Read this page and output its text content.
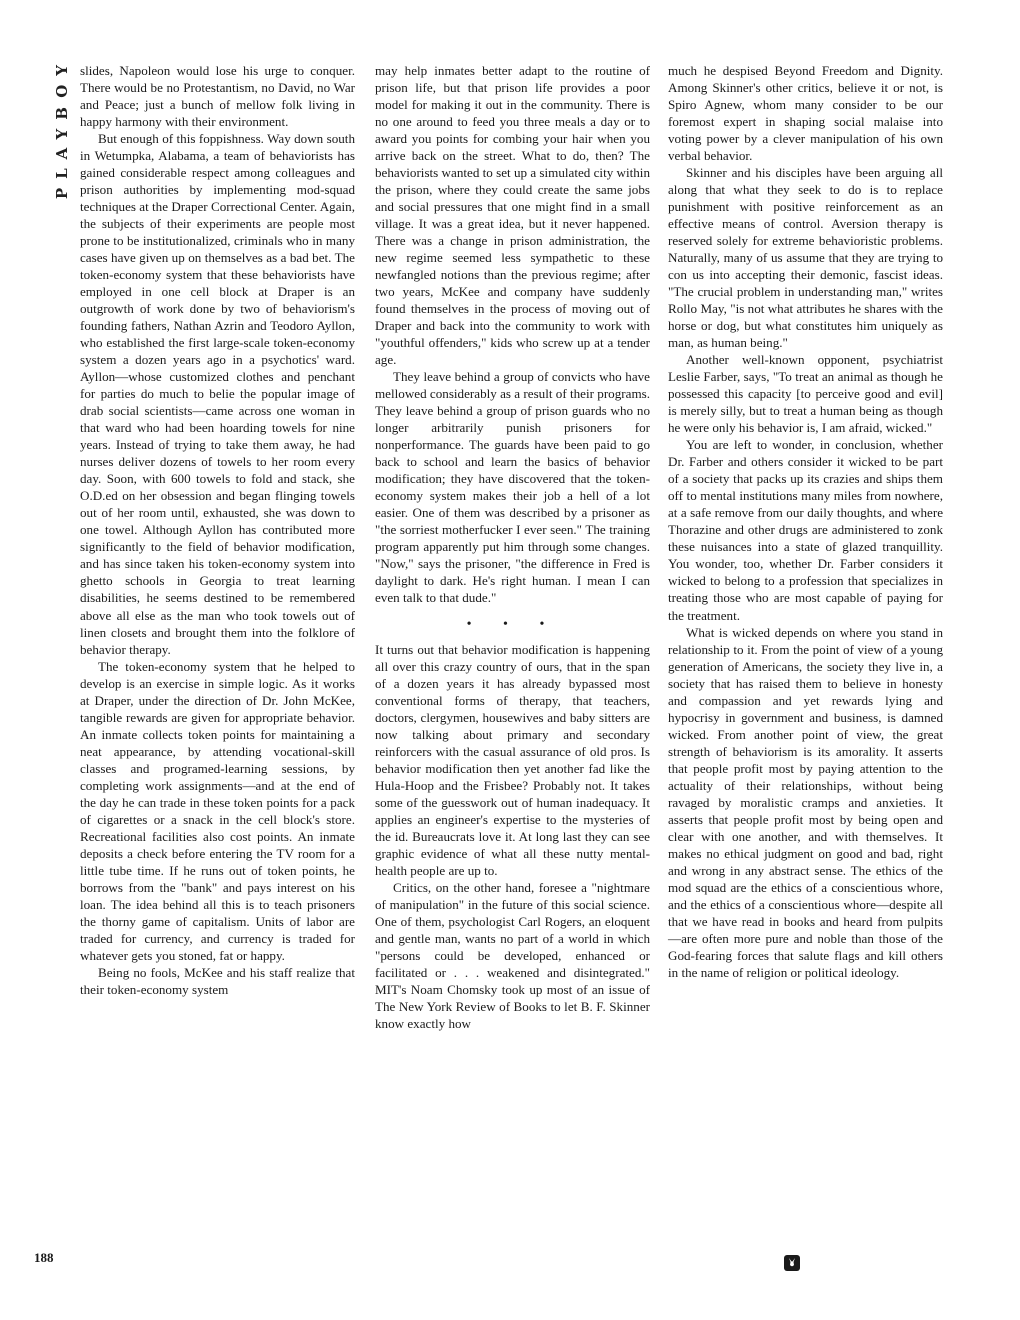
PLAYBOY slides, Napoleon would lose his urge to conquer. There would be no Protestantism, no David, no War and Peace; just a bunch of mellow folk living in happy harmony with their environment.

But enough of this foppishness. Way down south in Wetumpka, Alabama, a team of behaviorists has gained considerable respect among colleagues and prison authorities by implementing mod-squad techniques at the Draper Correctional Center. Again, the subjects of their experiments are people most prone to be institutionalized, criminals who in many cases have given up on themselves as a bad bet. The token-economy system that these behaviorists have employed in one cell block at Draper is an outgrowth of work done by two of behaviorism's founding fathers, Nathan Azrin and Teodoro Ayllon, who established the first large-scale token-economy system a dozen years ago in a psychotics' ward. Ayllon—whose customized clothes and penchant for parties do much to belie the popular image of drab social scientists—came across one woman in that ward who had been hoarding towels for nine years. Instead of trying to take them away, he had nurses deliver dozens of towels to her room every day. Soon, with 600 towels to fold and stack, she O.D.ed on her obsession and began flinging towels out of her room until, exhausted, she was down to one towel. Although Ayllon has contributed more significantly to the field of behavior modification, and has since taken his token-economy system into ghetto schools in Georgia to treat learning disabilities, he seems destined to be remembered above all else as the man who took towels out of linen closets and brought them into the folklore of behavior therapy.

The token-economy system that he helped to develop is an exercise in simple logic. As it works at Draper, under the direction of Dr. John McKee, tangible rewards are given for appropriate behavior. An inmate collects token points for maintaining a neat appearance, by attending vocational-skill classes and programed-learning sessions, by completing work assignments—and at the end of the day he can trade in these token points for a pack of cigarettes or a snack in the cell block's store. Recreational facilities also cost points. An inmate deposits a check before entering the TV room for a little tube time. If he runs out of token points, he borrows from the "bank" and pays interest on his loan. The idea behind all this is to teach prisoners the thorny game of capitalism. Units of labor are traded for currency, and currency is traded for whatever gets you stoned, fat or happy.

Being no fools, McKee and his staff realize that their token-economy system

may help inmates better adapt to the routine of prison life, but that prison life provides a poor model for making it out in the community. There is no one around to feed you three meals a day or to award you points for combing your hair when you arrive back on the street. What to do, then? The behaviorists wanted to set up a simulated city within the prison, where they could create the same jobs and social pressures that one might find in a small village. It was a great idea, but it never happened. There was a change in prison administration, the new regime seemed less sympathetic to these newfangled notions than the previous regime; after two years, McKee and company have suddenly found themselves in the process of moving out of Draper and back into the community to work with "youthful offenders," kids who screw up at a tender age.

They leave behind a group of convicts who have mellowed considerably as a result of their programs. They leave behind a group of prison guards who no longer arbitrarily punish prisoners for nonperformance. The guards have been paid to go back to school and learn the basics of behavior modification; they have discovered that the token-economy system makes their job a hell of a lot easier. One of them was described by a prisoner as "the sorriest motherfucker I ever seen." The training program apparently put him through some changes. "Now," says the prisoner, "the difference in Fred is daylight to dark. He's right human. I mean I can even talk to that dude."

• • •

It turns out that behavior modification is happening all over this crazy country of ours, that in the span of a dozen years it has already bypassed most conventional forms of therapy, that teachers, doctors, clergymen, housewives and baby sitters are now talking about primary and secondary reinforcers with the casual assurance of old pros. Is behavior modification then yet another fad like the Hula-Hoop and the Frisbee? Probably not. It takes some of the guesswork out of human inadequacy. It applies an engineer's expertise to the mysteries of the id. Bureaucrats love it. At long last they can see graphic evidence of what all these nutty mental-health people are up to.

Critics, on the other hand, foresee a "nightmare of manipulation" in the future of this social science. One of them, psychologist Carl Rogers, an eloquent and gentle man, wants no part of a world in which "persons could be developed, enhanced or facilitated or . . . weakened and disintegrated." MIT's Noam Chomsky took up most of an issue of The New York Review of Books to let B. F. Skinner know exactly how

much he despised Beyond Freedom and Dignity. Among Skinner's other critics, believe it or not, is Spiro Agnew, whom many consider to be our foremost expert in shaping social malaise into voting power by a clever manipulation of his own verbal behavior.

Skinner and his disciples have been arguing all along that what they seek to do is to replace punishment with positive reinforcement as an effective means of control. Aversion therapy is reserved solely for extreme behavioristic problems. Naturally, many of us assume that they are trying to con us into accepting their demonic, fascist ideas. "The crucial problem in understanding man," writes Rollo May, "is not what attributes he shares with the horse or dog, but what constitutes him uniquely as man, as human being."

Another well-known opponent, psychiatrist Leslie Farber, says, "To treat an animal as though he possessed this capacity [to perceive good and evil] is merely silly, but to treat a human being as though he were only his behavior is, I am afraid, wicked."

You are left to wonder, in conclusion, whether Dr. Farber and others consider it wicked to be part of a society that packs up its crazies and ships them off to mental institutions many miles from nowhere, at a safe remove from our daily thoughts, and where Thorazine and other drugs are administered to zonk these nuisances into a state of glazed tranquillity. You wonder, too, whether Dr. Farber considers it wicked to belong to a profession that specializes in treating those who are most capable of paying for the treatment.

What is wicked depends on where you stand in relationship to it. From the point of view of a young generation of Americans, the society they live in, a society that has raised them to believe in honesty and compassion and yet rewards lying and hypocrisy in government and business, is damned wicked. From another point of view, the great strength of behaviorism is its amorality. It asserts that people profit most by paying attention to the actuality of their relationships, without being ravaged by moralistic cramps and anxieties. It asserts that people profit most by being open and clear with one another, and with themselves. It makes no ethical judgment on good and bad, right and wrong in any abstract sense. The ethics of the mod squad are the ethics of a conscientious whore, and the ethics of a conscientious whore—despite all that we have read in books and heard from pulpits—are often more pure and noble than those of the God-fearing forces that salute flags and kill others in the name of religion or political ideology.

188
